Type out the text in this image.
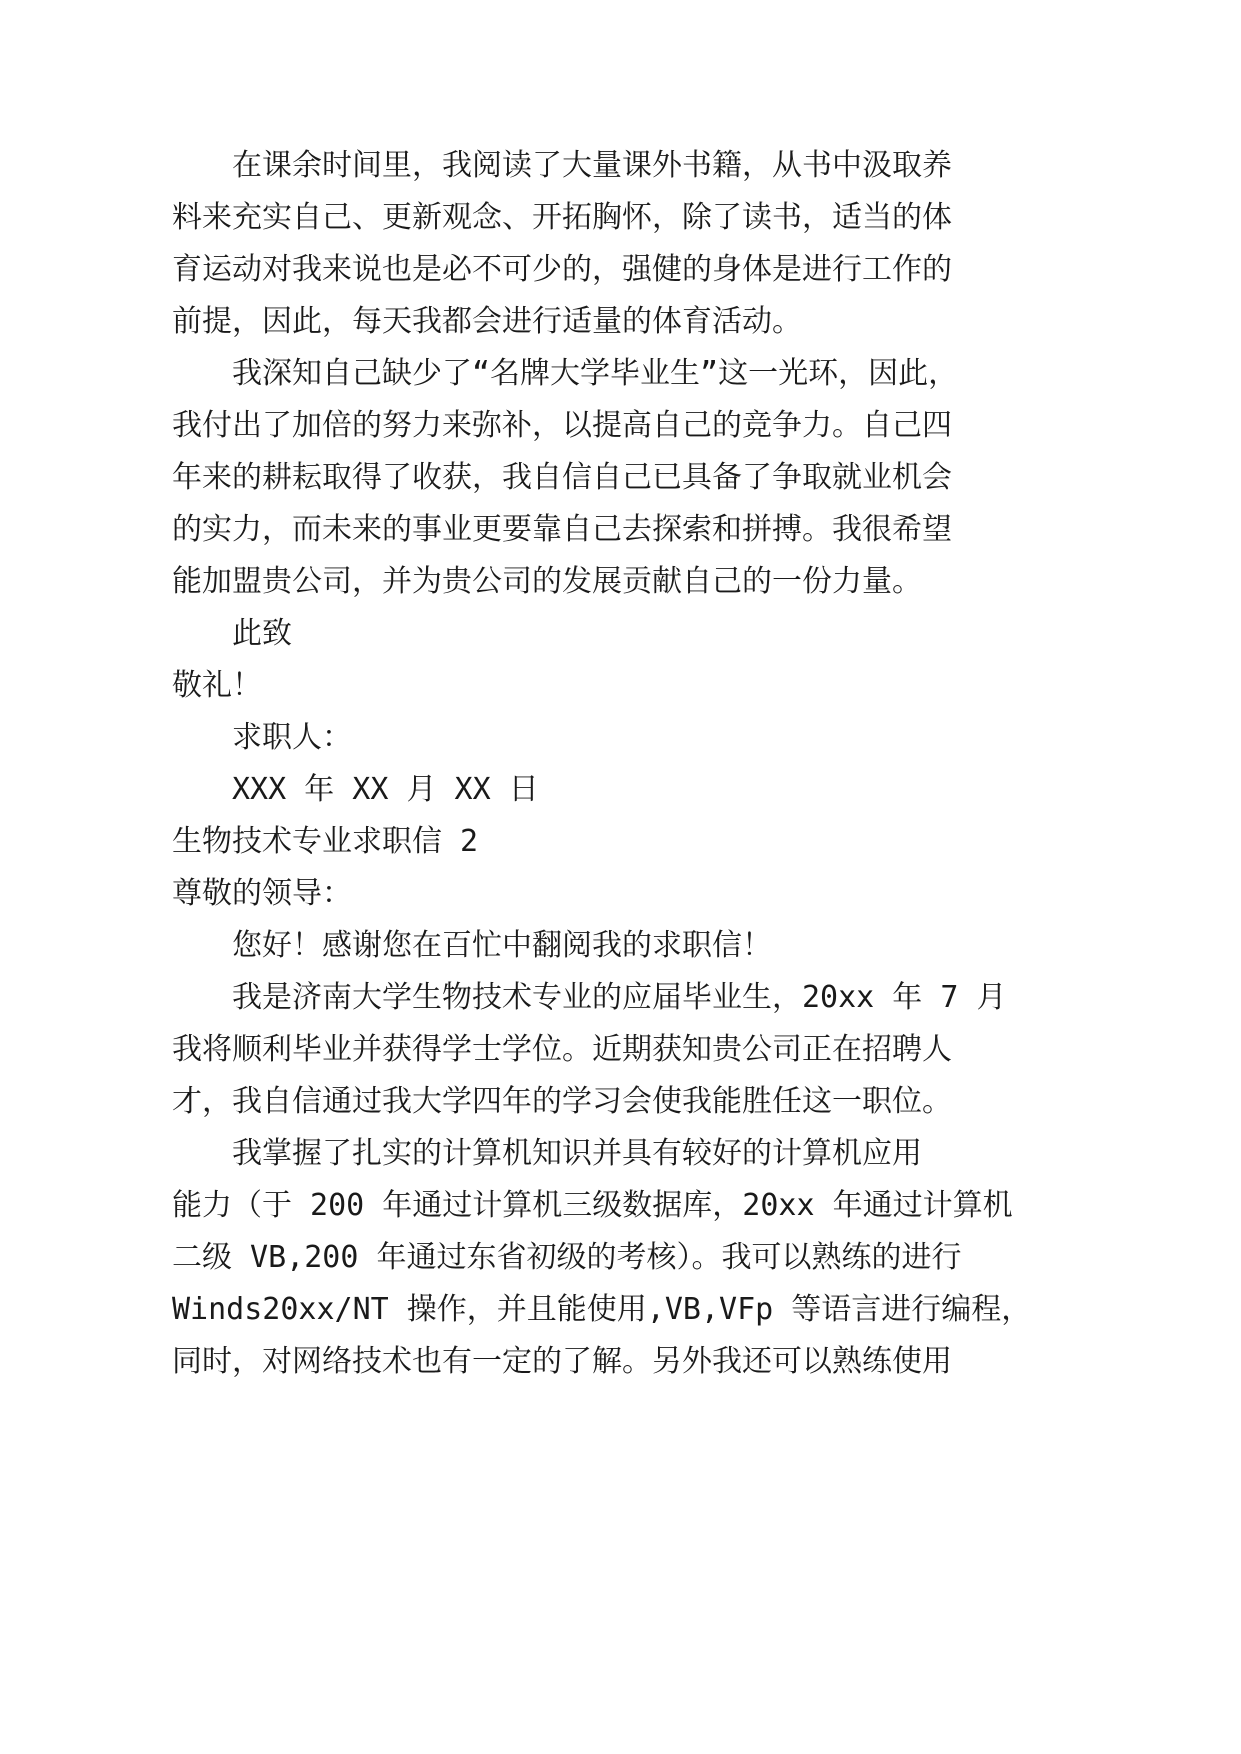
在课余时间里，我阅读了大量课外书籍，从书中汲取养
料来充实自己、更新观念、开拓胸怀，除了读书，适当的体
育运动对我来说也是必不可少的，强健的身体是进行工作的
前提，因此，每天我都会进行适量的体育活动。
我深知自己缺少了“名牌大学毕业生”这一光环，因此，
我付出了加倍的努力来弥补，以提高自己的竞争力。自己四
年来的耕耘取得了收获，我自信自己已具备了争取就业机会
的实力，而未来的事业更要靠自己去探索和拼搏。我很希望
能加盟贵公司，并为贵公司的发展贡献自己的一份力量。
此致
敬礼！
求职人：
XXX 年 XX 月 XX 日
生物技术专业求职信 2
尊敬的领导：
您好！感谢您在百忙中翻阅我的求职信！
我是济南大学生物技术专业的应届毕业生，20xx 年 7 月
我将顺利毕业并获得学士学位。近期获知贵公司正在招聘人
才，我自信通过我大学四年的学习会使我能胜任这一职位。
我掌握了扎实的计算机知识并具有较好的计算机应用
能力（于 200 年通过计算机三级数据库，20xx 年通过计算机
二级 VB,200 年通过东省初级的考核）。我可以熟练的进行
Winds20xx/NT 操作，并且能使用,VB,VFp 等语言进行编程，
同时，对网络技术也有一定的了解。另外我还可以熟练使用
